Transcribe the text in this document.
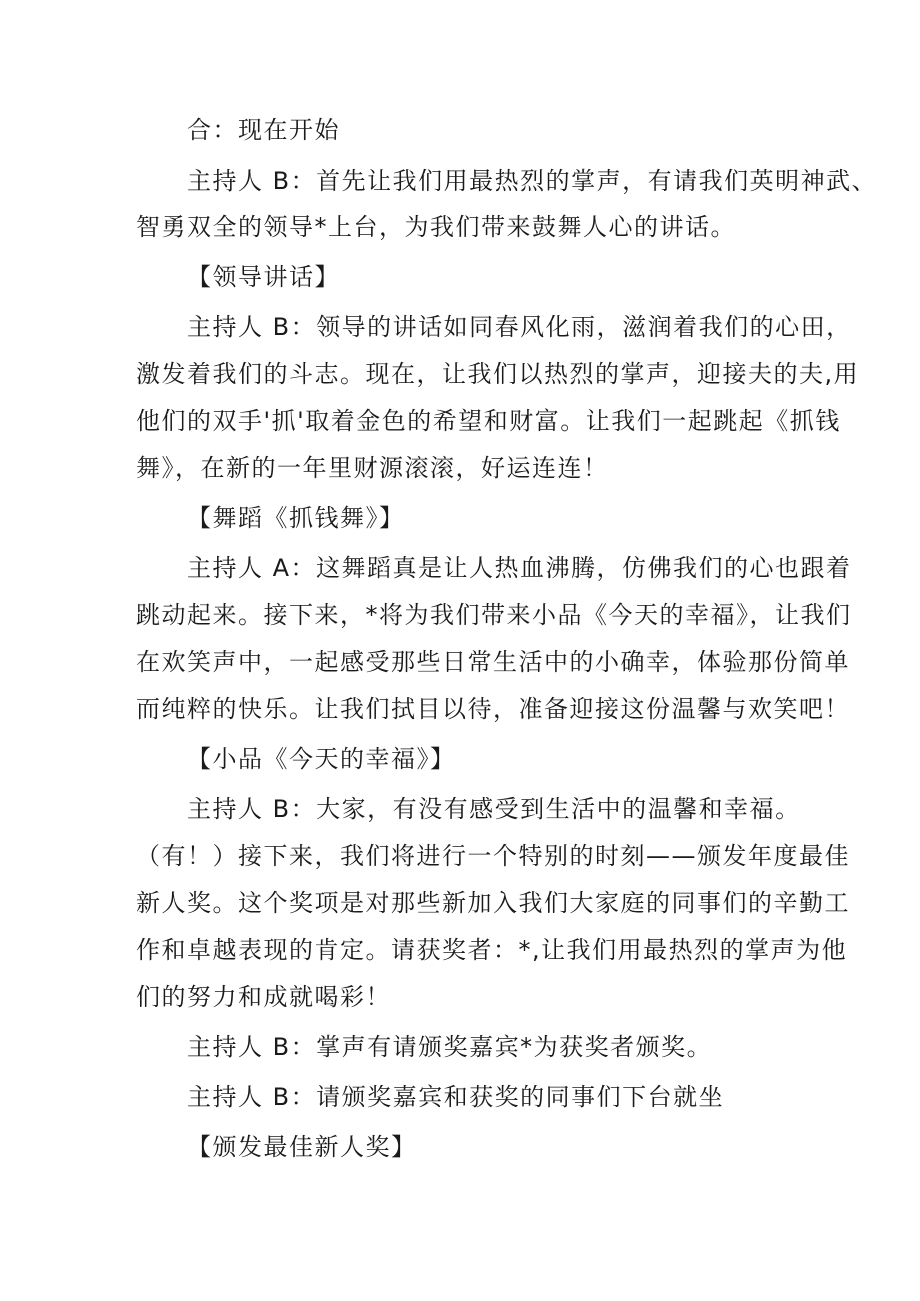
合：现在开始
主持人 B：首先让我们用最热烈的掌声，有请我们英明神武、
智勇双全的领导*上台，为我们带来鼓舞人心的讲话。
【领导讲话】
主持人 B：领导的讲话如同春风化雨，滋润着我们的心田，
激发着我们的斗志。现在，让我们以热烈的掌声，迎接夫的夫,用
他们的双手'抓'取着金色的希望和财富。让我们一起跳起《抓钱
舞》，在新的一年里财源滚滚，好运连连！
【舞蹈《抓钱舞》】
主持人 A：这舞蹈真是让人热血沸腾，仿佛我们的心也跟着
跳动起来。接下来，*将为我们带来小品《今天的幸福》，让我们
在欢笑声中，一起感受那些日常生活中的小确幸，体验那份简单
而纯粹的快乐。让我们拭目以待，准备迎接这份温馨与欢笑吧！
【小品《今天的幸福》】
主持人 B：大家，有没有感受到生活中的温馨和幸福。
（有！）接下来，我们将进行一个特别的时刻——颁发年度最佳
新人奖。这个奖项是对那些新加入我们大家庭的同事们的辛勤工
作和卓越表现的肯定。请获奖者：*,让我们用最热烈的掌声为他
们的努力和成就喝彩！
主持人 B：掌声有请颁奖嘉宾*为获奖者颁奖。
主持人 B：请颁奖嘉宾和获奖的同事们下台就坐
【颁发最佳新人奖】
